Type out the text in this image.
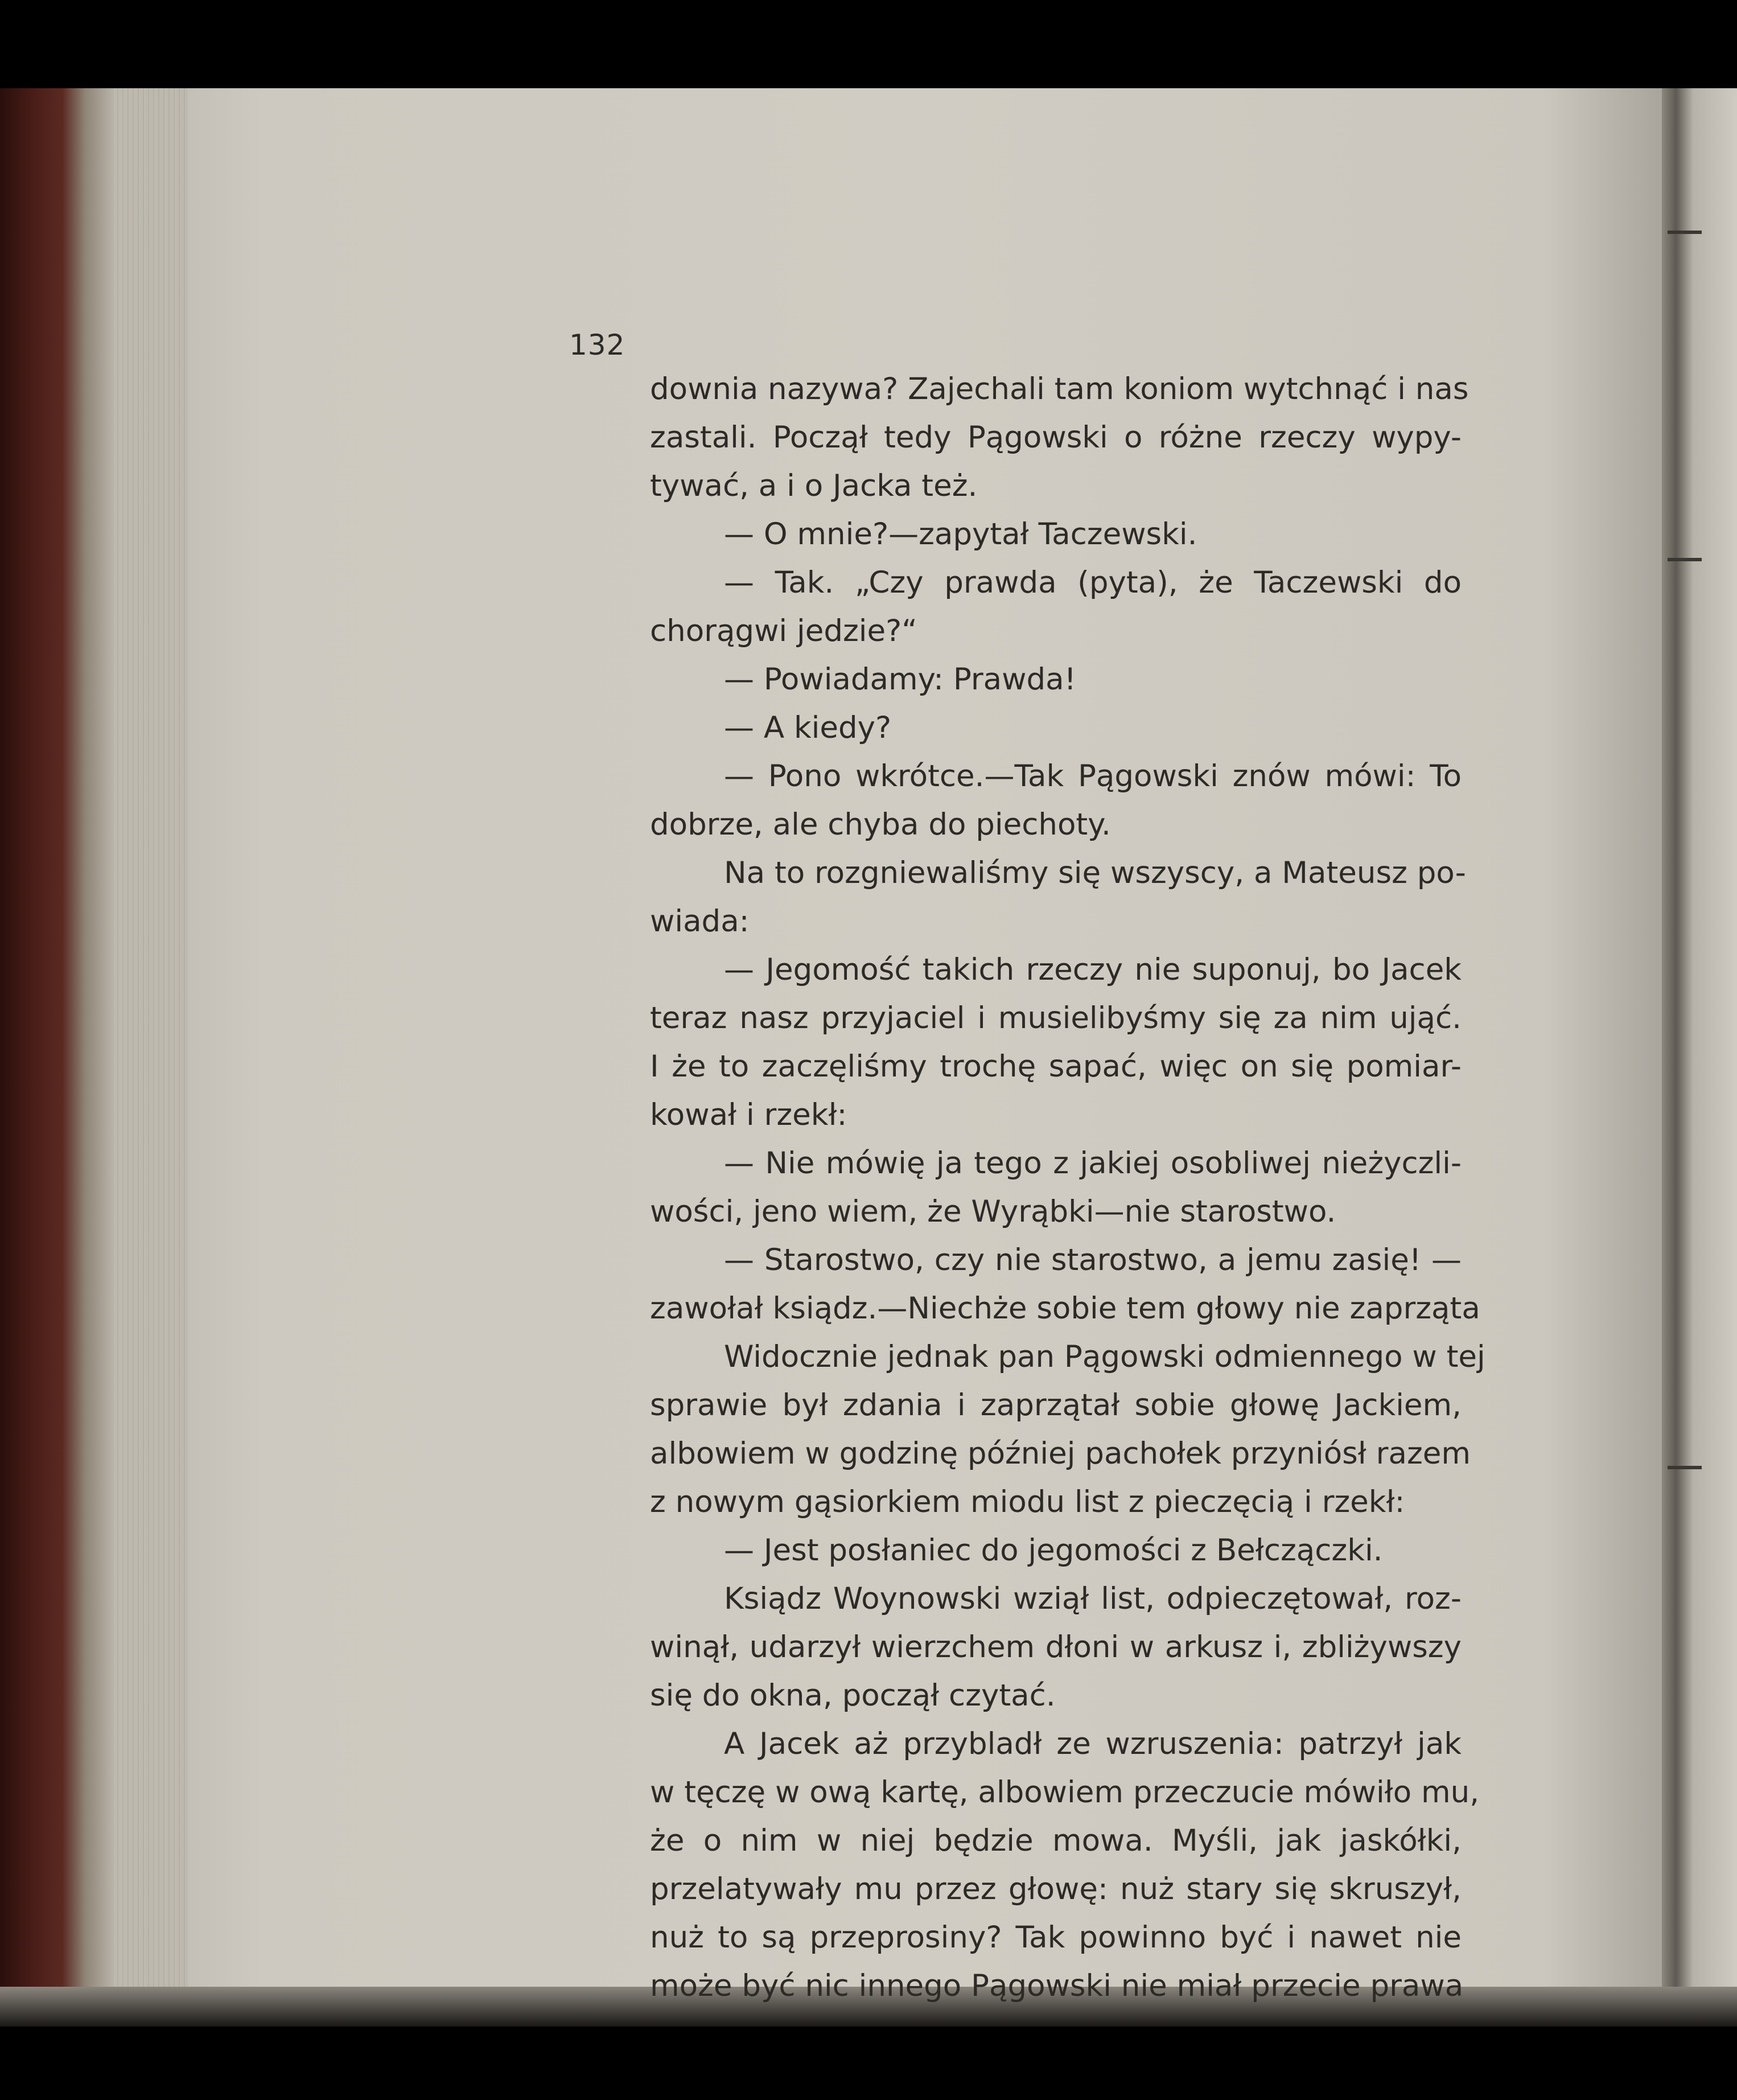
132
downia nazywa? Zajechali tam koniom wytchnąć i nas
zastali. Począł tedy Pągowski o różne rzeczy wypy-
tywać, a i o Jacka też.
— O mnie?—zapytał Taczewski.
— Tak. „Czy prawda (pyta), że Taczewski do
chorągwi jedzie?“
— Powiadamy: Prawda!
— A kiedy?
— Pono wkrótce.—Tak Pągowski znów mówi: To
dobrze, ale chyba do piechoty.
Na to rozgniewaliśmy się wszyscy, a Mateusz po-
wiada:
— Jegomość takich rzeczy nie suponuj, bo Jacek
teraz nasz przyjaciel i musielibyśmy się za nim ująć.
I że to zaczęliśmy trochę sapać, więc on się pomiar-
kował i rzekł:
— Nie mówię ja tego z jakiej osobliwej nieżyczli-
wości, jeno wiem, że Wyrąbki—nie starostwo.
— Starostwo, czy nie starostwo, a jemu zasię! —
zawołał ksiądz.—Niechże sobie tem głowy nie zaprząta
Widocznie jednak pan Pągowski odmiennego w tej
sprawie był zdania i zaprzątał sobie głowę Jackiem,
albowiem w godzinę później pachołek przyniósł razem
z nowym gąsiorkiem miodu list z pieczęcią i rzekł:
— Jest posłaniec do jegomości z Bełczączki.
Ksiądz Woynowski wziął list, odpieczętował, roz-
winął, udarzył wierzchem dłoni w arkusz i, zbliżywszy
się do okna, począł czytać.
A Jacek aż przybladł ze wzruszenia: patrzył jak
w tęczę w ową kartę, albowiem przeczucie mówiło mu,
że o nim w niej będzie mowa. Myśli, jak jaskółki,
przelatywały mu przez głowę: nuż stary się skruszył,
nuż to są przeprosiny? Tak powinno być i nawet nie
może być nic innego Pągowski nie miał przecie prawa
